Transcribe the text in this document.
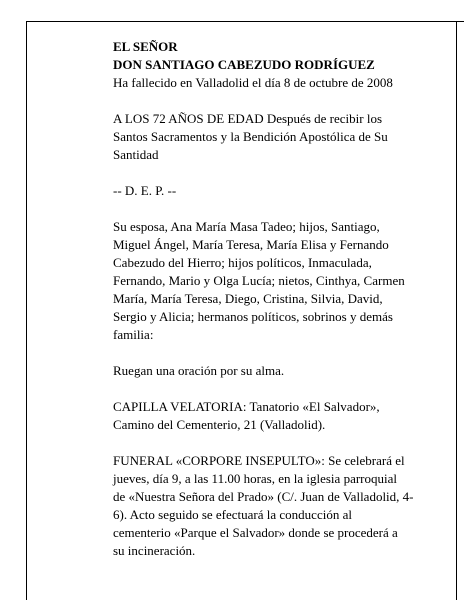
EL SEÑOR

DON SANTIAGO CABEZUDO RODRÍGUEZ

Ha fallecido en Valladolid el día 8 de octubre de 2008

A LOS 72 AÑOS DE EDAD Después de recibir los

Santos Sacramentos y la Bendición Apostólica de Su

Santidad

-- D. E. P. --

Su esposa, Ana María Masa Tadeo; hijos, Santiago,

Miguel Ángel, María Teresa, María Elisa y Fernando

Cabezudo del Hierro; hijos políticos, Inmaculada,

Fernando, Mario y Olga Lucía; nietos, Cinthya, Carmen

María, María Teresa, Diego, Cristina, Silvia, David,

Sergio y Alicia; hermanos políticos, sobrinos y demás

familia:

Ruegan una oración por su alma.

CAPILLA VELATORIA: Tanatorio «El Salvador»,

Camino del Cementerio, 21 (Valladolid).

FUNERAL «CORPORE INSEPULTO»: Se celebrará el

jueves, día 9, a las 11.00 horas, en la iglesia parroquial

de «Nuestra Señora del Prado» (C/. Juan de Valladolid, 4-

6). Acto seguido se efectuará la conducción al

cementerio «Parque el Salvador» donde se procederá a

su incineración.
